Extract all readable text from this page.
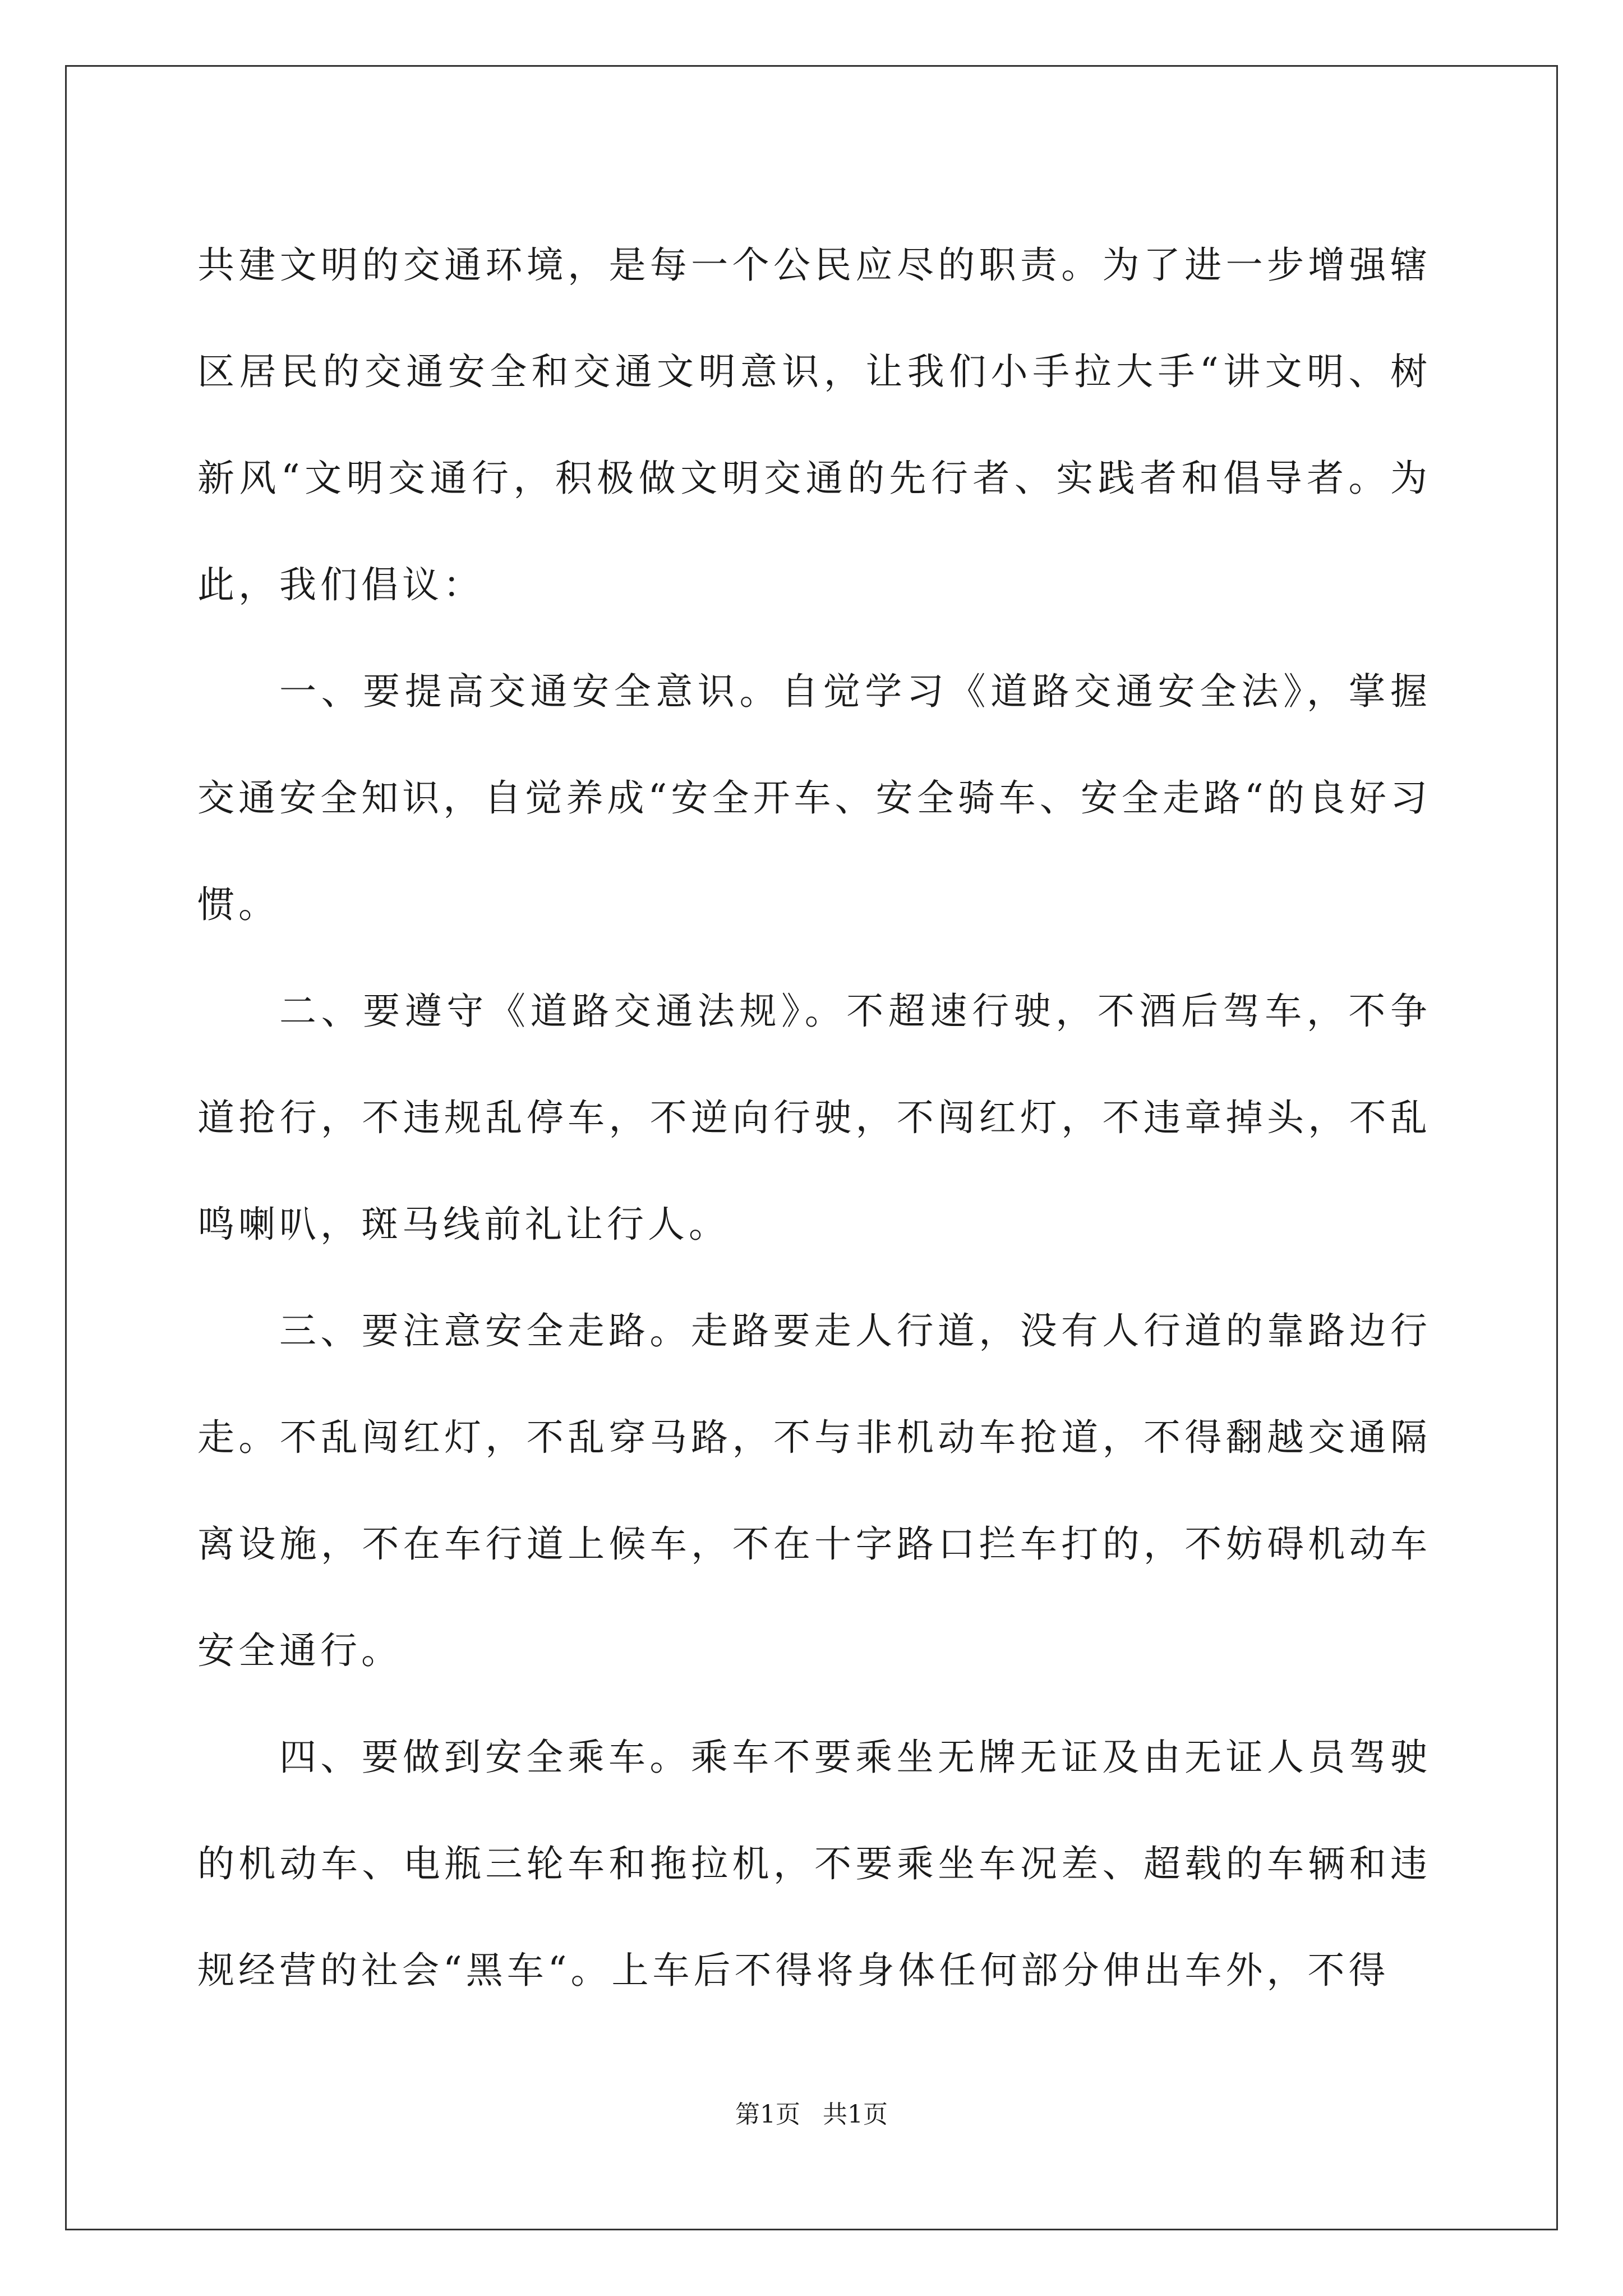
共建文明的交通环境，是每一个公民应尽的职责。为了进一步增强辖区居民的交通安全和交通文明意识，让我们小手拉大手“讲文明、树新风“文明交通行，积极做文明交通的先行者、实践者和倡导者。为此，我们倡议：

一、要提高交通安全意识。自觉学习《道路交通安全法》，掌握交通安全知识，自觉养成“安全开车、安全骑车、安全走路“的良好习惯。

二、要遵守《道路交通法规》。不超速行驶，不酒后驾车，不争道抢行，不违规乱停车，不逆向行驶，不闯红灯，不违章掉头，不乱鸣喇叭，斑马线前礼让行人。

三、要注意安全走路。走路要走人行道，没有人行道的靠路边行走。不乱闯红灯，不乱穿马路，不与非机动车抢道，不得翻越交通隔离设施，不在车行道上候车，不在十字路口拦车打的，不妨碍机动车安全通行。

四、要做到安全乘车。乘车不要乘坐无牌无证及由无证人员驾驶的机动车、电瓶三轮车和拖拉机，不要乘坐车况差、超载的车辆和违规经营的社会“黑车“。上车后不得将身体任何部分伸出车外，不得

第1页 共1页
